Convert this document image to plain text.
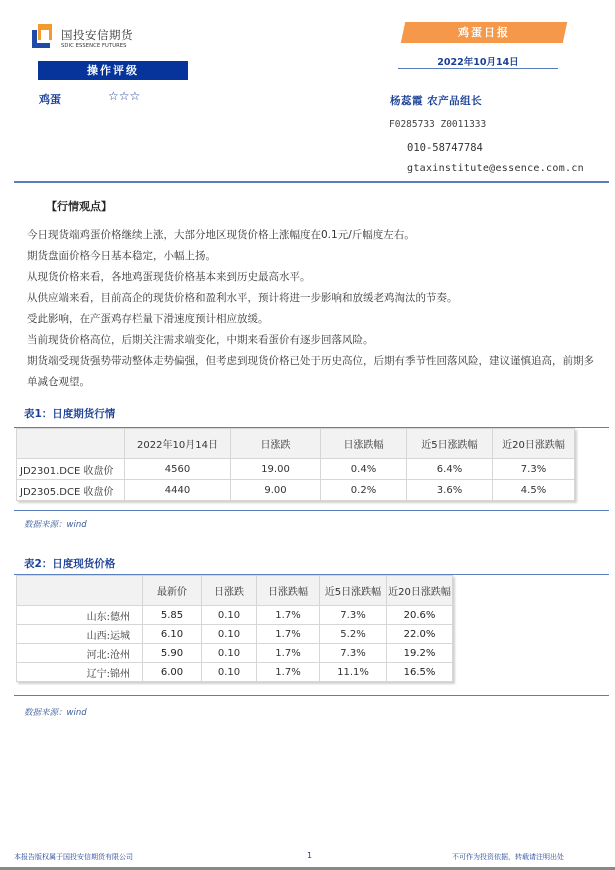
国投安信期货
SDIC ESSENCE FUTURES
操作评级
鸡蛋	☆☆☆
鸡蛋日报
2022年10月14日
杨蕊霞 农产品组长
F0285733 Z0011333
010-58747784
gtaxinstitute@essence.com.cn
【行情观点】

今日现货端鸡蛋价格继续上涨，大部分地区现货价格上涨幅度在0.1元/斤幅度左右。

期货盘面价格今日基本稳定，小幅上扬。

从现货价格来看，各地鸡蛋现货价格基本来到历史最高水平。

从供应端来看，目前高企的现货价格和盈利水平，预计将进一步影响和放缓老鸡淘汰的节奏。

受此影响，在产蛋鸡存栏量下滑速度预计相应放缓。

当前现货价格高位，后期关注需求端变化，中期来看蛋价有逐步回落风险。

期货端受现货强势带动整体走势偏强，但考虑到现货价格已处于历史高位，后期有季节性回落风险，建议谨慎追高，前期多单减仓观望。

表1：日度期货行情
	2022年10月14日	日涨跌	日涨跌幅	近5日涨跌幅	近20日涨跌幅
JD2301.DCE 收盘价	4560	19.00	0.4%	6.4%	7.3%
JD2305.DCE 收盘价	4440	9.00	0.2%	3.6%	4.5%
数据来源：wind
表2：日度现货价格
	最新价	日涨跌	日涨跌幅	近5日涨跌幅	近20日涨跌幅
山东:德州	5.85	0.10	1.7%	7.3%	20.6%
山西:运城	6.10	0.10	1.7%	5.2%	22.0%
河北:沧州	5.90	0.10	1.7%	7.3%	19.2%
辽宁:锦州	6.00	0.10	1.7%	11.1%	16.5%
数据来源：wind
本报告版权属于国投安信期货有限公司	1	不可作为投资依据，转载请注明出处
